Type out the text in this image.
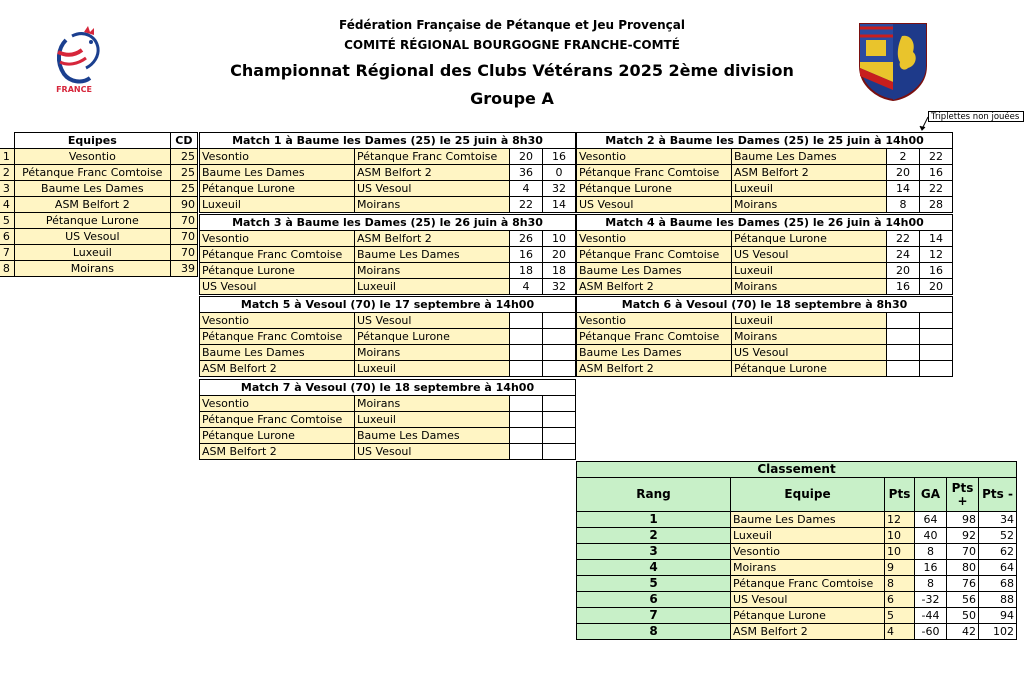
Fédération Française de Pétanque et Jeu Provençal
COMITÉ RÉGIONAL BOURGOGNE FRANCHE-COMTÉ
Championnat Régional des Clubs Vétérans 2025 2ème division
Groupe A
FRANCE
Triplettes non jouées
	Equipes	CD
1	Vesontio	25
2	Pétanque Franc Comtoise	25
3	Baume Les Dames	25
4	ASM Belfort 2	90
5	Pétanque Lurone	70
6	US Vesoul	70
7	Luxeuil	70
8	Moirans	39
Match 1 à Baume les Dames (25) le 25 juin à 8h30			
Vesontio	Pétanque Franc Comtoise	20	16
Baume Les Dames	ASM Belfort 2	36	0
Pétanque Lurone	US Vesoul	4	32
Luxeuil	Moirans	22	14
Match 2 à Baume les Dames (25) le 25 juin à 14h00			
Vesontio	Baume Les Dames	2	22
Pétanque Franc Comtoise	ASM Belfort 2	20	16
Pétanque Lurone	Luxeuil	14	22
US Vesoul	Moirans	8	28
Match 3 à Baume les Dames (25) le 26 juin à 8h30			
Vesontio	ASM Belfort 2	26	10
Pétanque Franc Comtoise	Baume Les Dames	16	20
Pétanque Lurone	Moirans	18	18
US Vesoul	Luxeuil	4	32
Match 4 à Baume les Dames (25) le 26 juin à 14h00			
Vesontio	Pétanque Lurone	22	14
Pétanque Franc Comtoise	US Vesoul	24	12
Baume Les Dames	Luxeuil	20	16
ASM Belfort 2	Moirans	16	20
Match 5 à Vesoul (70) le 17 septembre à 14h00			
Vesontio	US Vesoul		
Pétanque Franc Comtoise	Pétanque Lurone		
Baume Les Dames	Moirans		
ASM Belfort 2	Luxeuil		
Match 6 à Vesoul (70) le 18 septembre à 8h30			
Vesontio	Luxeuil		
Pétanque Franc Comtoise	Moirans		
Baume Les Dames	US Vesoul		
ASM Belfort 2	Pétanque Lurone		
Match 7 à Vesoul (70) le 18 septembre à 14h00			
Vesontio	Moirans		
Pétanque Franc Comtoise	Luxeuil		
Pétanque Lurone	Baume Les Dames		
ASM Belfort 2	US Vesoul		
Classement					
Rang	Equipe	Pts	GA	Pts +	Pts -
1	Baume Les Dames	12	64	98	34
2	Luxeuil	10	40	92	52
3	Vesontio	10	8	70	62
4	Moirans	9	16	80	64
5	Pétanque Franc Comtoise	8	8	76	68
6	US Vesoul	6	-32	56	88
7	Pétanque Lurone	5	-44	50	94
8	ASM Belfort 2	4	-60	42	102
